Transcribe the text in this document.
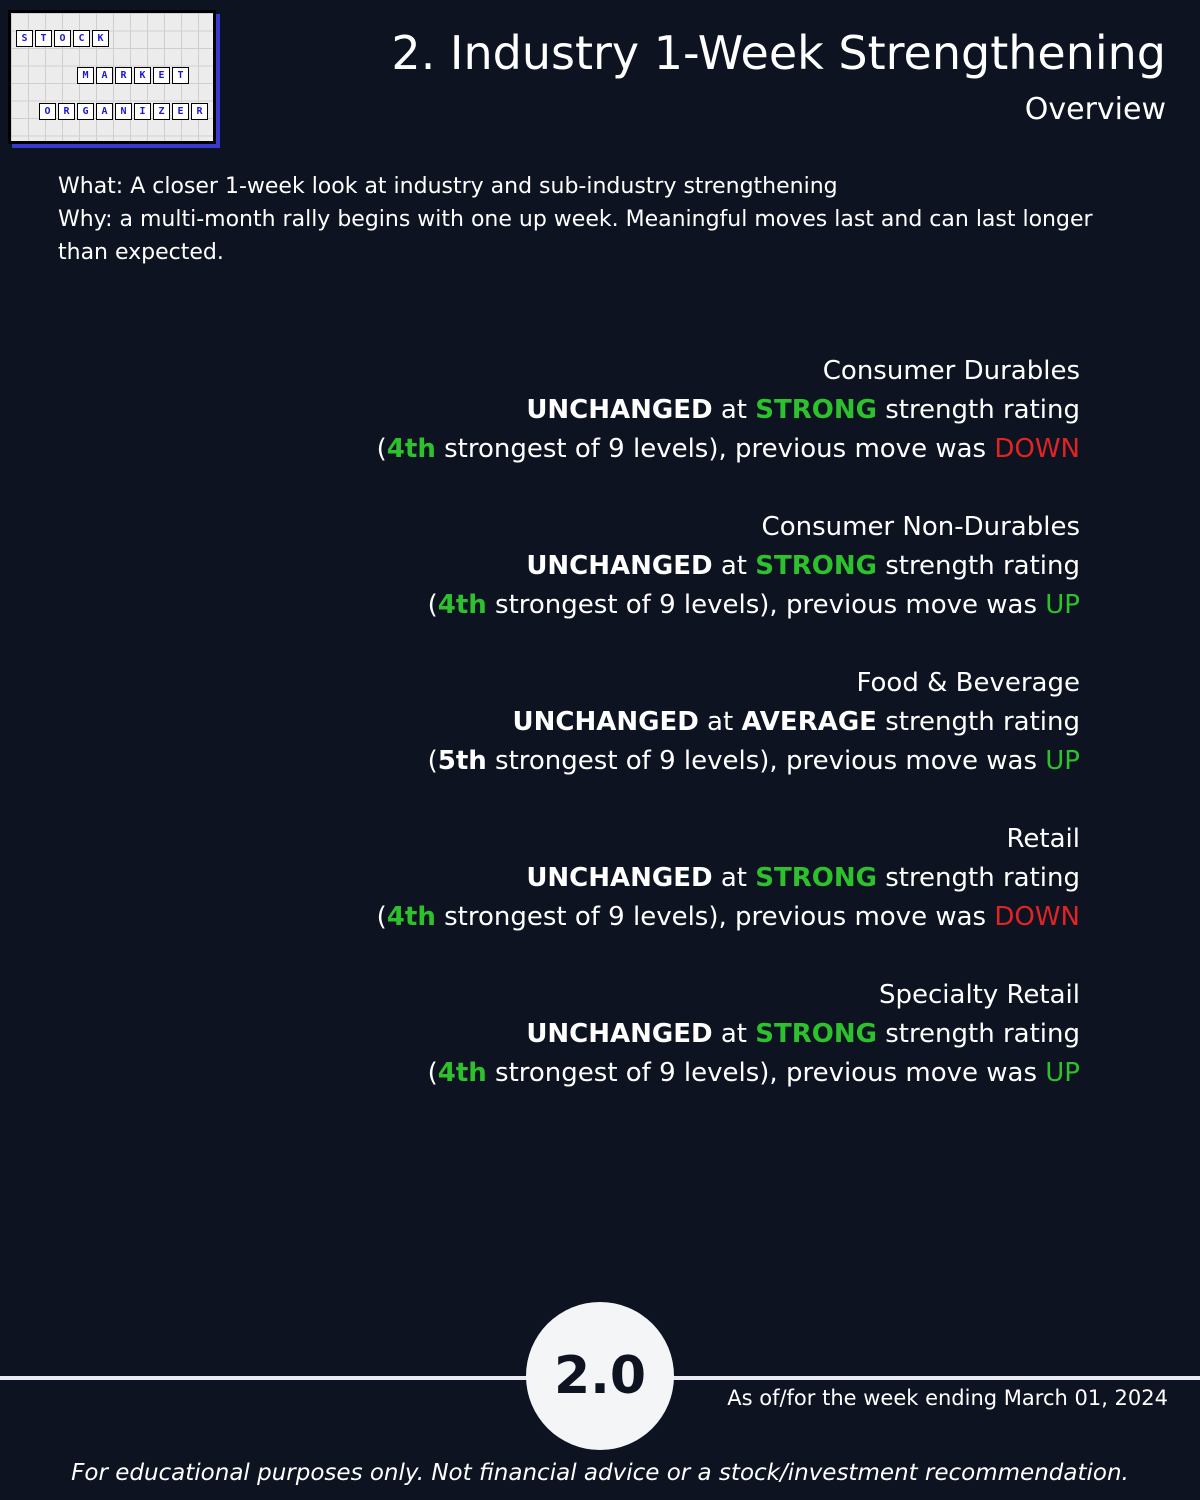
S	T	O	C	K
M	A	R	K	E	T
O	R	G	A	N	I	Z	E	R
2. Industry 1-Week Strengthening
Overview

What: A closer 1-week look at industry and sub-industry strengthening

Why: a multi-month rally begins with one up week. Meaningful moves last and can last longer than expected.

Consumer Durables
UNCHANGED at STRONG strength rating
(4th strongest of 9 levels), previous move was DOWN
Consumer Non-Durables
UNCHANGED at STRONG strength rating
(4th strongest of 9 levels), previous move was UP
Food & Beverage
UNCHANGED at AVERAGE strength rating
(5th strongest of 9 levels), previous move was UP
Retail
UNCHANGED at STRONG strength rating
(4th strongest of 9 levels), previous move was DOWN
Specialty Retail
UNCHANGED at STRONG strength rating
(4th strongest of 9 levels), previous move was UP
2.0	As of/for the week ending March 01, 2024
For educational purposes only. Not financial advice or a stock/investment recommendation.
